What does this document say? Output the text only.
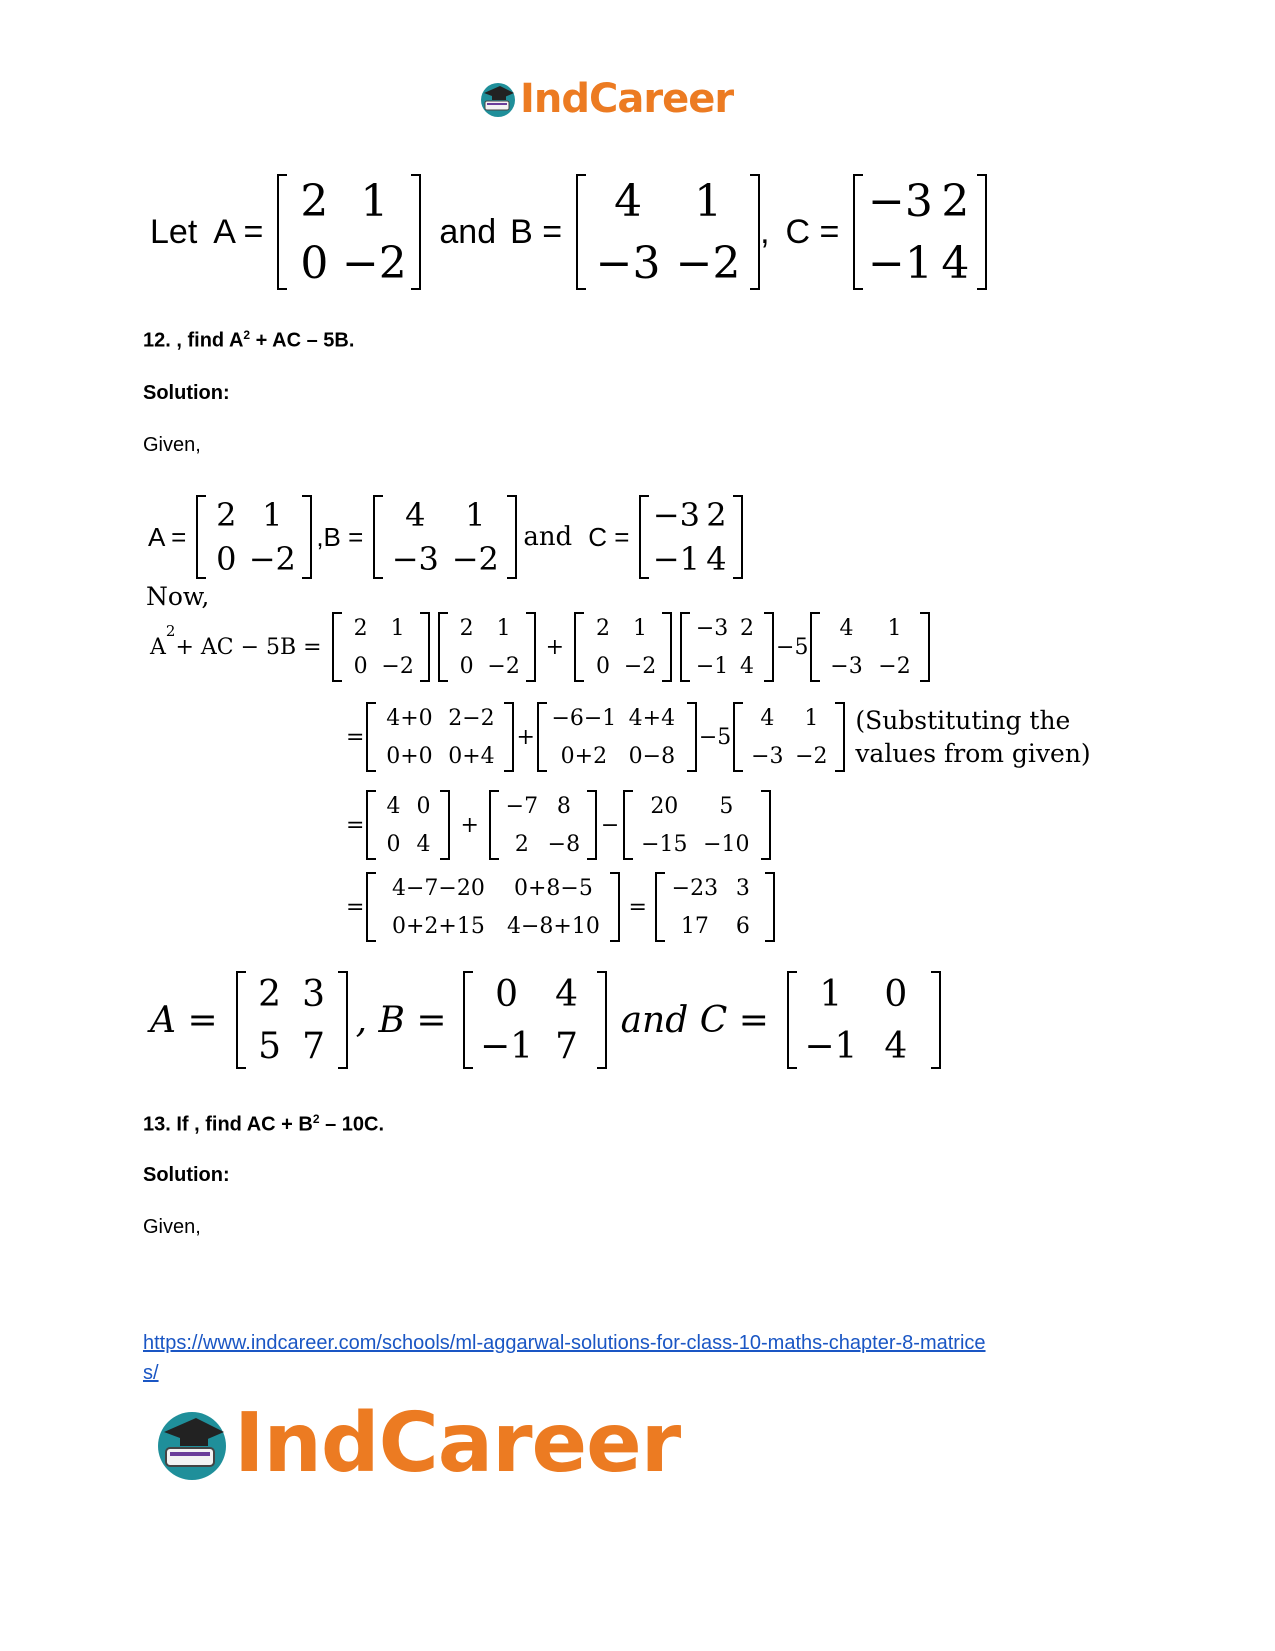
IndCareer
Let A =
2 1
0 −2
and B =
4 1
−3 −2
, C =
−3 2
−1 4
12. , find $A^2$ + AC – 5B.
Solution:
Given,
A =
2 1
0 −2
,B =
4 1
−3 −2
and C =
−3 2
−1 4
Now,
A
$^2$
+ AC − 5B =
2 1
0 −2
2 1
0 −2
+
2 1
0 −2
−3 2
−1 4
−5
4 1
−3 −2
=
4+0 2−2
0+0 0+4
+
−6−1 4+4
0+2 0−8
−5
4 1
−3 −2
(Substituting the
values from given)
=
4 0
0 4
+
−7 8
2 −8
−
20 5
−15 −10
=
4−7−20 0+8−5
0+2+15 4−8+10
=
−23 3
17 6
A =
2 3
5 7
, B =
0 4
−1 7
and C =
1 0
−1 4
13. If , find AC + $B^2 - 10C$.
Solution:
Given,
https://www.indcareer.com/schools/ml-aggarwal-solutions-for-class-10-maths-chapter-8-matrice
s/
IndCareer
